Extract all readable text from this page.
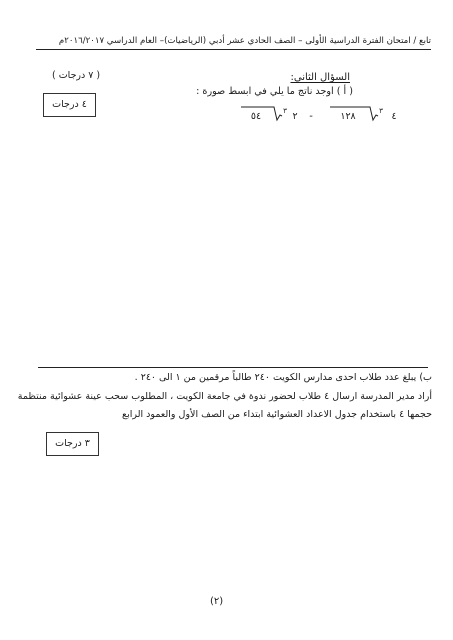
تابع / امتحان الفترة الدراسية الأولى – الصف الحادي عشر أدبي (الرياضيات)– العام الدراسي ٢٠١٦/٢٠١٧م
( ٧ درجات )	السؤال الثاني:
( أ ) اوجد ناتج ما يلي في ابسط صورة :
٤ درجات
٥٤	٣ ٢ -	١٢٨	٣ ٤
ب) يبلغ عدد طلاب احدى مدارس الكويت ٢٤٠ طالباً مرقمين من ١ الى ٢٤٠ .
أراد مدير المدرسة ارسال ٤ طلاب لحضور ندوة في جامعة الكويت ، المطلوب سحب عينة عشوائية منتظمة
حجمها ٤ باستخدام جدول الاعداد العشوائية ابتداء من الصف الأول والعمود الرابع
٣ درجات
(٢)
